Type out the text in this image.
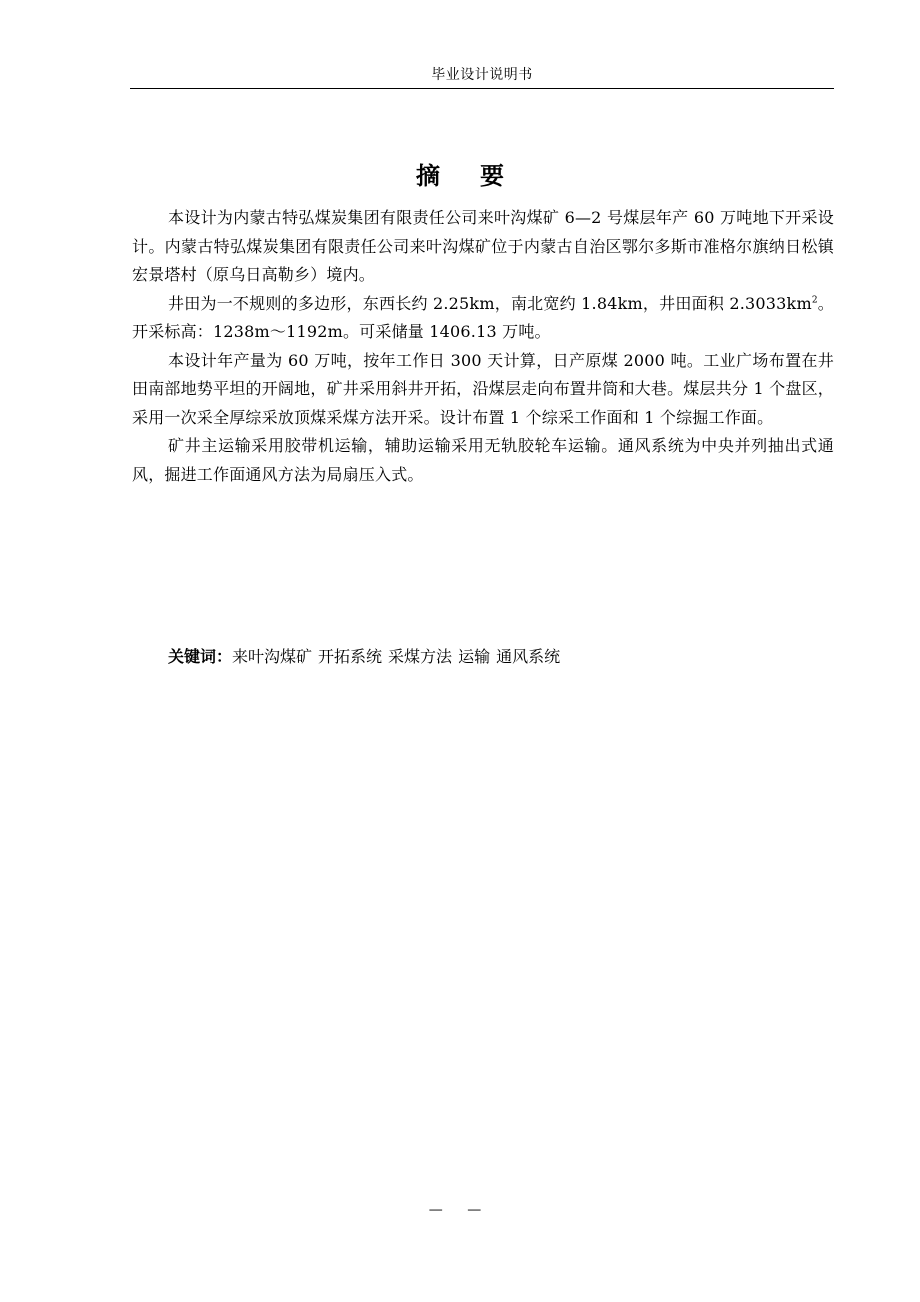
毕业设计说明书
摘 要

本设计为内蒙古特弘煤炭集团有限责任公司来叶沟煤矿 6—2 号煤层年产 60 万吨地下开采设计。内蒙古特弘煤炭集团有限责任公司来叶沟煤矿位于内蒙古自治区鄂尔多斯市准格尔旗纳日松镇宏景塔村（原乌日高勒乡）境内。

井田为一不规则的多边形，东西长约 2.25km，南北宽约 1.84km，井田面积 $2.3033km^2$。开采标高：1238m～1192m。可采储量 1406.13 万吨。

本设计年产量为 60 万吨，按年工作日 300 天计算，日产原煤 2000 吨。工业广场布置在井田南部地势平坦的开阔地，矿井采用斜井开拓，沿煤层走向布置井筒和大巷。煤层共分 1 个盘区，采用一次采全厚综采放顶煤采煤方法开采。设计布置 1 个综采工作面和 1 个综掘工作面。

矿井主运输采用胶带机运输，辅助运输采用无轨胶轮车运输。通风系统为中央并列抽出式通风，掘进工作面通风方法为局扇压入式。

关键词：来叶沟煤矿 开拓系统 采煤方法 运输 通风系统
— —
